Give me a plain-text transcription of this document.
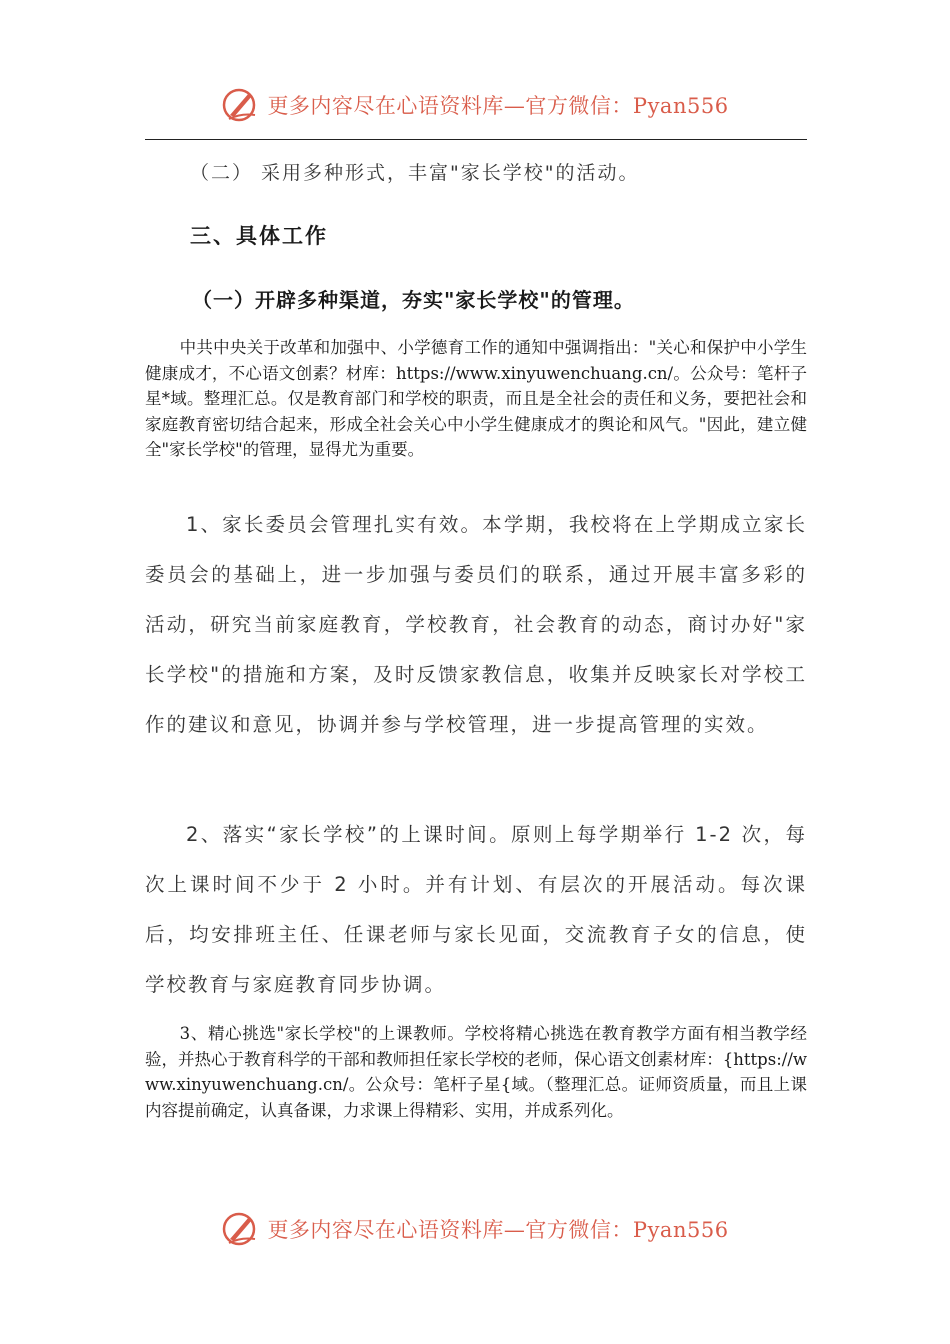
更多内容尽在心语资料库—官方微信：Pyan556
（二） 采用多种形式，丰富"家长学校"的活动。
三、具体工作
（一）开辟多种渠道，夯实"家长学校"的管理。

中共中央关于改革和加强中、小学德育工作的通知中强调指出："关心和保护中小学生健康成才，不心语文创素？材库：https://www.xinyuwenchuang.cn/。公众号：笔杆子星*域。整理汇总。仅是教育部门和学校的职责，而且是全社会的责任和义务，要把社会和家庭教育密切结合起来，形成全社会关心中小学生健康成才的舆论和风气。"因此，建立健全"家长学校"的管理，显得尤为重要。

1、家长委员会管理扎实有效。本学期，我校将在上学期成立家长委员会的基础上，进一步加强与委员们的联系，通过开展丰富多彩的活动，研究当前家庭教育，学校教育，社会教育的动态，商讨办好"家长学校"的措施和方案，及时反馈家教信息，收集并反映家长对学校工作的建议和意见，协调并参与学校管理，进一步提高管理的实效。

2、落实“家长学校”的上课时间。原则上每学期举行 1-2 次，每次上课时间不少于 2 小时。并有计划、有层次的开展活动。每次课后，均安排班主任、任课老师与家长见面，交流教育子女的信息，使学校教育与家庭教育同步协调。

3、精心挑选"家长学校"的上课教师。学校将精心挑选在教育教学方面有相当教学经验，并热心于教育科学的干部和教师担任家长学校的老师，保心语文创素材库：{https://www.xinyuwenchuang.cn/。公众号：笔杆子星{域。（整理汇总。证师资质量，而且上课内容提前确定，认真备课，力求课上得精彩、实用，并成系列化。

更多内容尽在心语资料库—官方微信：Pyan556
